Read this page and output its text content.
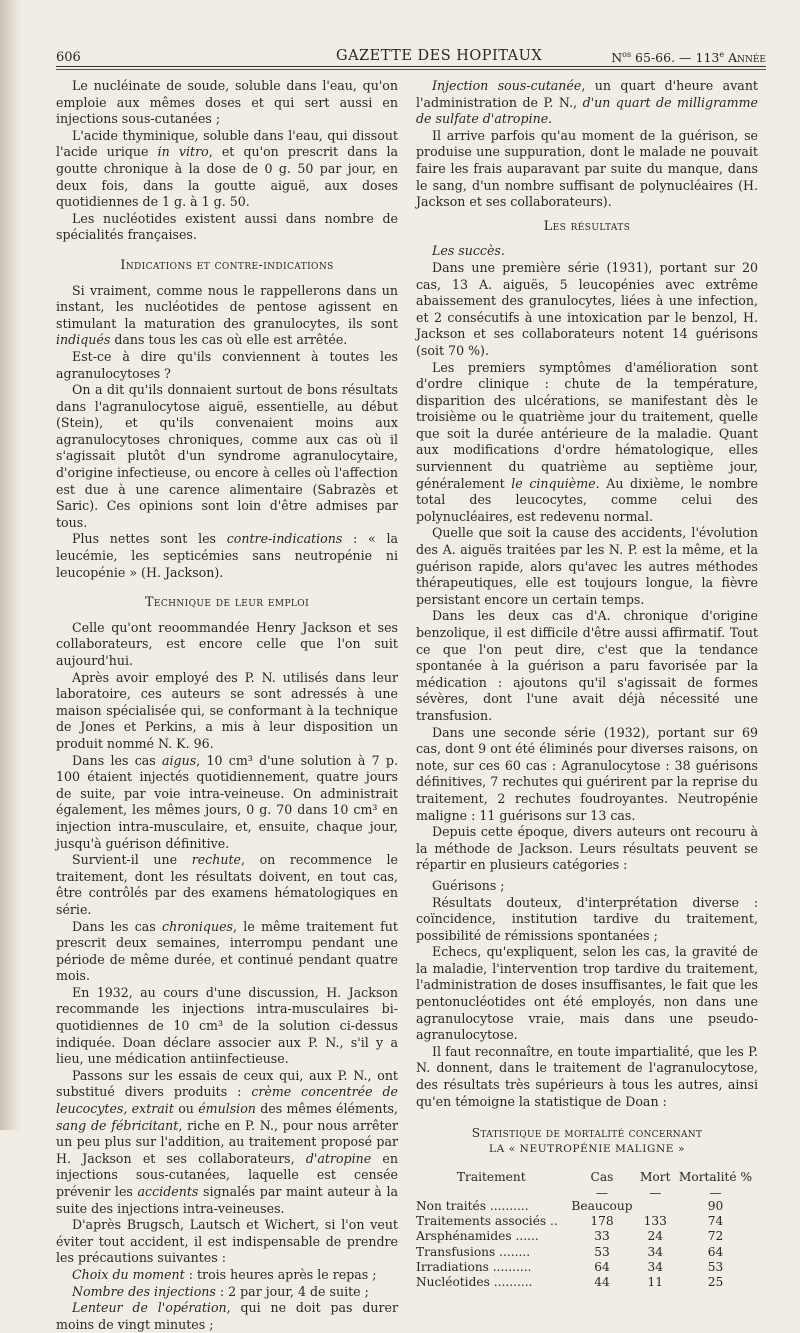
606	GAZETTE DES HOPITAUX	$N^{os}$ 65-66. — 113e Année

Le nucléinate de soude, soluble dans l'eau, qu'on emploie aux mêmes doses et qui sert aussi en injections sous-cutanées ;

L'acide thyminique, soluble dans l'eau, qui dissout l'acide urique in vitro, et qu'on prescrit dans la goutte chronique à la dose de 0 g. 50 par jour, en deux fois, dans la goutte aiguë, aux doses quotidiennes de 1 g. à 1 g. 50.

Les nucléotides existent aussi dans nombre de spécialités françaises.

Indications et contre-indications

Si vraiment, comme nous le rappellerons dans un instant, les nucléotides de pentose agissent en stimulant la maturation des granulocytes, ils sont indiqués dans tous les cas où elle est arrêtée.

Est-ce à dire qu'ils conviennent à toutes les agranulocytoses ?

On a dit qu'ils donnaient surtout de bons résultats dans l'agranulocytose aiguë, essentielle, au début (Stein), et qu'ils convenaient moins aux agranulocytoses chroniques, comme aux cas où il s'agissait plutôt d'un syndrome agranulocytaire, d'origine infectieuse, ou encore à celles où l'affection est due à une carence alimentaire (Sabrazès et Saric). Ces opinions sont loin d'être admises par tous.

Plus nettes sont les contre-indications : « la leucémie, les septicémies sans neutropénie ni leucopénie » (H. Jackson).

Technique de leur emploi

Celle qu'ont reoommandée Henry Jackson et ses collaborateurs, est encore celle que l'on suit aujourd'hui.

Après avoir employé des P. N. utilisés dans leur laboratoire, ces auteurs se sont adressés à une maison spécialisée qui, se conformant à la technique de Jones et Perkins, a mis à leur disposition un produit nommé N. K. 96.

Dans les cas aigus, 10 cm³ d'une solution à 7 p. 100 étaient injectés quotidiennement, quatre jours de suite, par voie intra-veineuse. On administrait également, les mêmes jours, 0 g. 70 dans 10 cm³ en injection intra-musculaire, et, ensuite, chaque jour, jusqu'à guérison définitive.

Survient-il une rechute, on recommence le traitement, dont les résultats doivent, en tout cas, être contrôlés par des examens hématologiques en série.

Dans les cas chroniques, le même traitement fut prescrit deux semaines, interrompu pendant une période de même durée, et continué pendant quatre mois.

En 1932, au cours d'une discussion, H. Jackson recommande les injections intra-musculaires bi-quotidiennes de 10 cm³ de la solution ci-dessus indiquée. Doan déclare associer aux P. N., s'il y a lieu, une médication antiinfectieuse.

Passons sur les essais de ceux qui, aux P. N., ont substitué divers produits : crème concentrée de leucocytes, extrait ou émulsion des mêmes éléments, sang de fébricitant, riche en P. N., pour nous arrêter un peu plus sur l'addition, au traitement proposé par H. Jackson et ses collaborateurs, d'atropine en injections sous-cutanées, laquelle est censée prévenir les accidents signalés par maint auteur à la suite des injections intra-veineuses.

D'après Brugsch, Lautsch et Wichert, si l'on veut éviter tout accident, il est indispensable de prendre les précautions suivantes :

Choix du moment : trois heures après le repas ;

Nombre des injections : 2 par jour, 4 de suite ;

Lenteur de l'opération, qui ne doit pas durer moins de vingt minutes ;

Injection sous-cutanée, un quart d'heure avant l'administration de P. N., d'un quart de milligramme de sulfate d'atropine.

Il arrive parfois qu'au moment de la guérison, se produise une suppuration, dont le malade ne pouvait faire les frais auparavant par suite du manque, dans le sang, d'un nombre suffisant de polynucléaires (H. Jackson et ses collaborateurs).

Les résultats
Les succès.

Dans une première série (1931), portant sur 20 cas, 13 A. aiguës, 5 leucopénies avec extrême abaissement des granulocytes, liées à une infection, et 2 consécutifs à une intoxication par le benzol, H. Jackson et ses collaborateurs notent 14 guérisons (soit 70 %).

Les premiers symptômes d'amélioration sont d'ordre clinique : chute de la température, disparition des ulcérations, se manifestant dès le troisième ou le quatrième jour du traitement, quelle que soit la durée antérieure de la maladie. Quant aux modifications d'ordre hématologique, elles surviennent du quatrième au septième jour, généralement le cinquième. Au dixième, le nombre total des leucocytes, comme celui des polynucléaires, est redevenu normal.

Quelle que soit la cause des accidents, l'évolution des A. aiguës traitées par les N. P. est la même, et la guérison rapide, alors qu'avec les autres méthodes thérapeutiques, elle est toujours longue, la fièvre persistant encore un certain temps.

Dans les deux cas d'A. chronique d'origine benzolique, il est difficile d'être aussi affirmatif. Tout ce que l'on peut dire, c'est que la tendance spontanée à la guérison a paru favorisée par la médication : ajoutons qu'il s'agissait de formes sévères, dont l'une avait déjà nécessité une transfusion.

Dans une seconde série (1932), portant sur 69 cas, dont 9 ont été éliminés pour diverses raisons, on note, sur ces 60 cas : Agranulocytose : 38 guérisons définitives, 7 rechutes qui guérirent par la reprise du traitement, 2 rechutes foudroyantes. Neutropénie maligne : 11 guérisons sur 13 cas.

Depuis cette époque, divers auteurs ont recouru à la méthode de Jackson. Leurs résultats peuvent se répartir en plusieurs catégories :

Guérisons ;

Résultats douteux, d'interprétation diverse : coïncidence, institution tardive du traitement, possibilité de rémissions spontanées ;

Echecs, qu'expliquent, selon les cas, la gravité de la maladie, l'intervention trop tardive du traitement, l'administration de doses insuffisantes, le fait que les pentonucléotides ont été employés, non dans une agranulocytose vraie, mais dans une pseudo-agranulocytose.

Il faut reconnaître, en toute impartialité, que les P. N. donnent, dans le traitement de l'agranulocytose, des résultats très supérieurs à tous les autres, ainsi qu'en témoigne la statistique de Doan :

Statistique de mortalité concernant
LA « NEUTROPÉNIE MALIGNE »
Traitement	Cas	Mort	Mortalité %
	—	—	—
Non traités ..........	Beaucoup		90
Traitements associés ..	178	133	74
Arsphénamides ......	33	24	72
Transfusions ........	53	34	64
Irradiations ..........	64	34	53
Nucléotides ..........	44	11	25
